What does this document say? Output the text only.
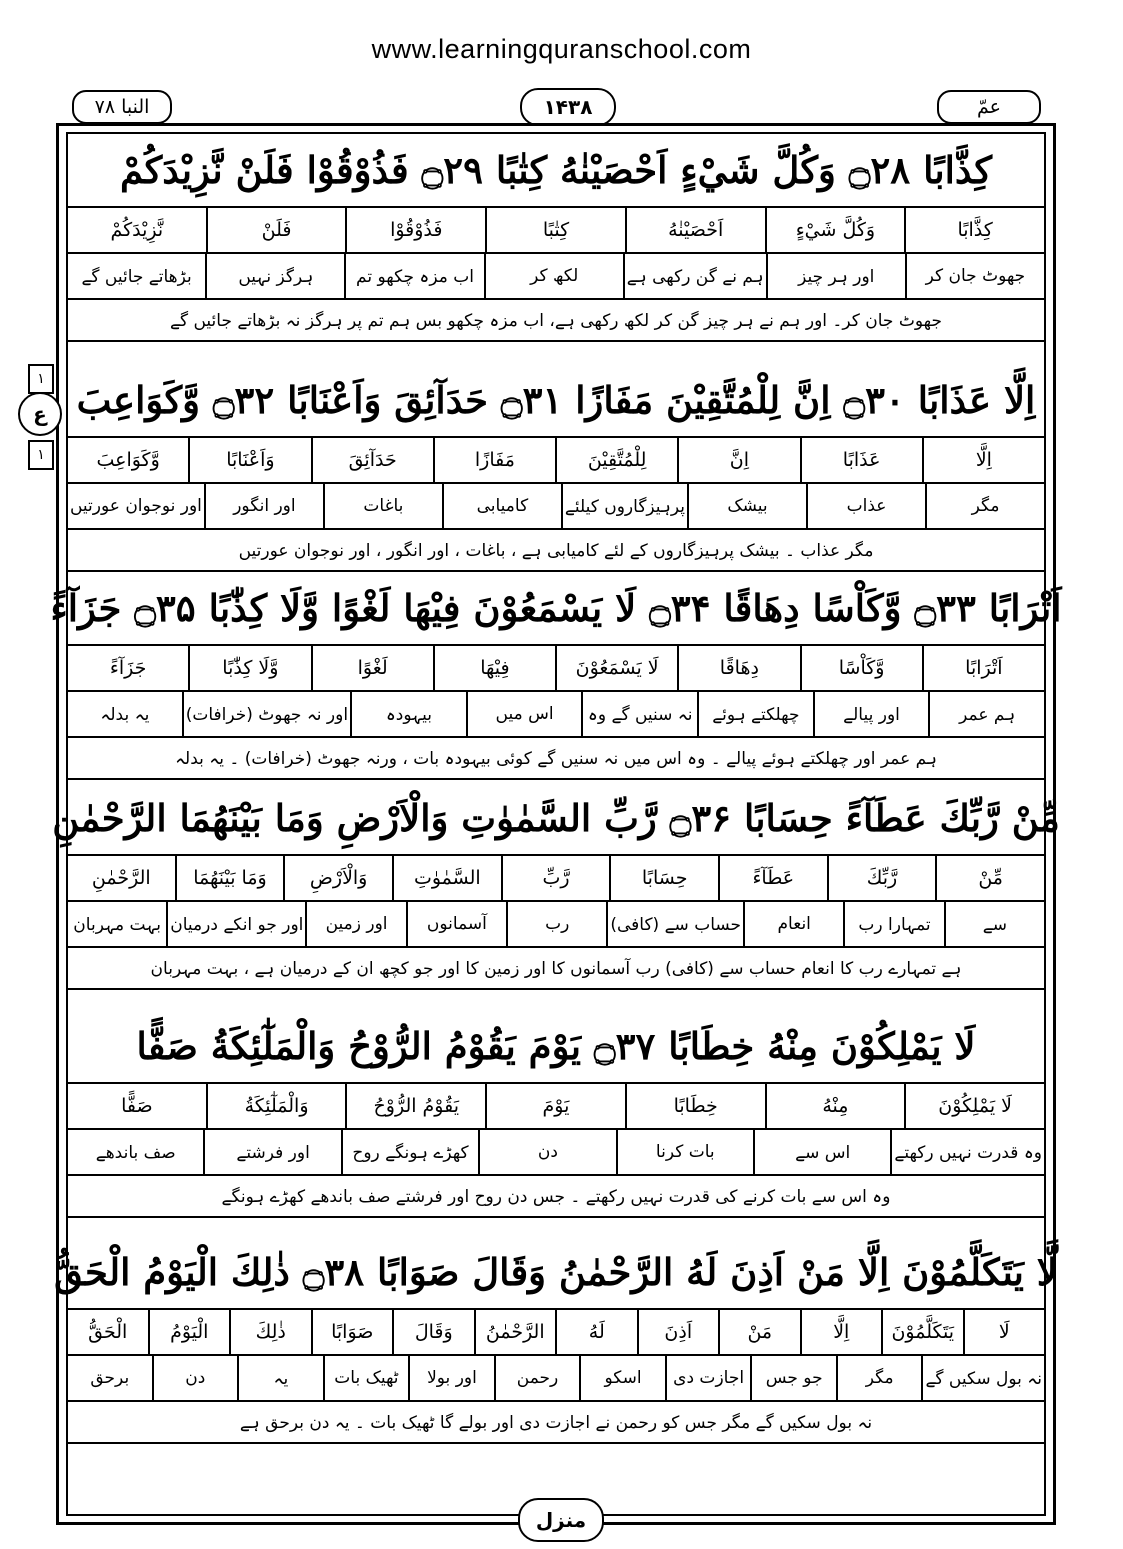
www.learningquranschool.com
النبا ۷۸	۱۴۳۸	عمّ
كِذَّابًا ۝۲۸ وَكُلَّ شَيْءٍ اَحْصَيْنٰهُ كِتٰبًا ۝۲۹ فَذُوْقُوْا فَلَنْ نَّزِيْدَكُمْ
كِذَّابًا
وَكُلَّ شَيْءٍ
اَحْصَيْنٰهُ
كِتٰبًا
فَذُوْقُوْا
فَلَنْ
نَّزِيْدَكُمْ
جھوٹ جان کر
اور ہر چیز
ہم نے گن رکھی ہے
لکھ کر
اب مزہ چکھو تم
ہرگز نہیں
بڑھاتے جائیں گے
جھوٹ جان کر۔ اور ہم نے ہر چیز گن کر لکھ رکھی ہے، اب مزہ چکھو بس ہم تم پر ہرگز نہ بڑھاتے جائیں گے
اِلَّا عَذَابًا ۝۳۰ اِنَّ لِلْمُتَّقِيْنَ مَفَازًا ۝۳۱ حَدَآئِقَ وَاَعْنَابًا ۝۳۲ وَّكَوَاعِبَ
اِلَّا
عَذَابًا
اِنَّ
لِلْمُتَّقِيْنَ
مَفَازًا
حَدَآئِقَ
وَاَعْنَابًا
وَّكَوَاعِبَ
مگر
عذاب
بیشک
پرہیزگاروں کیلئے
کامیابی
باغات
اور انگور
اور نوجوان عورتیں
مگر عذاب ۔ بیشک پرہیزگاروں کے لئے کامیابی ہے ، باغات ، اور انگور ، اور نوجوان عورتیں
اَتْرَابًا ۝۳۳ وَّكَاْسًا دِهَاقًا ۝۳۴ لَا يَسْمَعُوْنَ فِيْهَا لَغْوًا وَّلَا كِذّٰبًا ۝۳۵ جَزَآءً
اَتْرَابًا
وَّكَاْسًا
دِهَاقًا
لَا يَسْمَعُوْنَ
فِيْهَا
لَغْوًا
وَّلَا كِذّٰبًا
جَزَآءً
ہم عمر
اور پیالے
چھلکتے ہوئے
نہ سنیں گے وہ
اس میں
بیہودہ
اور نہ جھوٹ (خرافات)
یہ بدلہ
ہم عمر اور چھلکتے ہوئے پیالے ۔ وہ اس میں نہ سنیں گے کوئی بیہودہ بات ، ورنہ جھوٹ (خرافات) ۔ یہ بدلہ
مِّنْ رَّبِّكَ عَطَآءً حِسَابًا ۝۳۶ رَّبِّ السَّمٰوٰتِ وَالْاَرْضِ وَمَا بَيْنَهُمَا الرَّحْمٰنِ
مِّنْ
رَّبِّكَ
عَطَآءً
حِسَابًا
رَّبِّ
السَّمٰوٰتِ
وَالْاَرْضِ
وَمَا بَيْنَهُمَا
الرَّحْمٰنِ
سے
تمہارا رب
انعام
حساب سے (کافی)
رب
آسمانوں
اور زمین
اور جو انکے درمیان
بہت مہربان
ہے تمہارے رب کا انعام حساب سے (کافی) رب آسمانوں کا اور زمین کا اور جو کچھ ان کے درمیان ہے ، بہت مہربان
لَا يَمْلِكُوْنَ مِنْهُ خِطَابًا ۝۳۷ يَوْمَ يَقُوْمُ الرُّوْحُ وَالْمَلٰٓئِكَةُ صَفًّا
لَا يَمْلِكُوْنَ
مِنْهُ
خِطَابًا
يَوْمَ
يَقُوْمُ الرُّوْحُ
وَالْمَلٰٓئِكَةُ
صَفًّا
وہ قدرت نہیں رکھتے
اس سے
بات کرنا
دن
کھڑے ہونگے روح
اور فرشتے
صف باندھے
وہ اس سے بات کرنے کی قدرت نہیں رکھتے ۔ جس دن روح اور فرشتے صف باندھے کھڑے ہونگے
لَّا يَتَكَلَّمُوْنَ اِلَّا مَنْ اَذِنَ لَهُ الرَّحْمٰنُ وَقَالَ صَوَابًا ۝۳۸ ذٰلِكَ الْيَوْمُ الْحَقُّ
لَا
يَتَكَلَّمُوْنَ
اِلَّا
مَنْ
اَذِنَ
لَهُ
الرَّحْمٰنُ
وَقَالَ
صَوَابًا
ذٰلِكَ
الْيَوْمُ
الْحَقُّ
نہ بول سکیں گے
مگر
جو جس
اجازت دی
اسکو
رحمن
اور بولا
ٹھیک بات
یہ
دن
برحق
نہ بول سکیں گے مگر جس کو رحمن نے اجازت دی اور بولے گا ٹھیک بات ۔ یہ دن برحق ہے
۱
ع
۱
منزل
